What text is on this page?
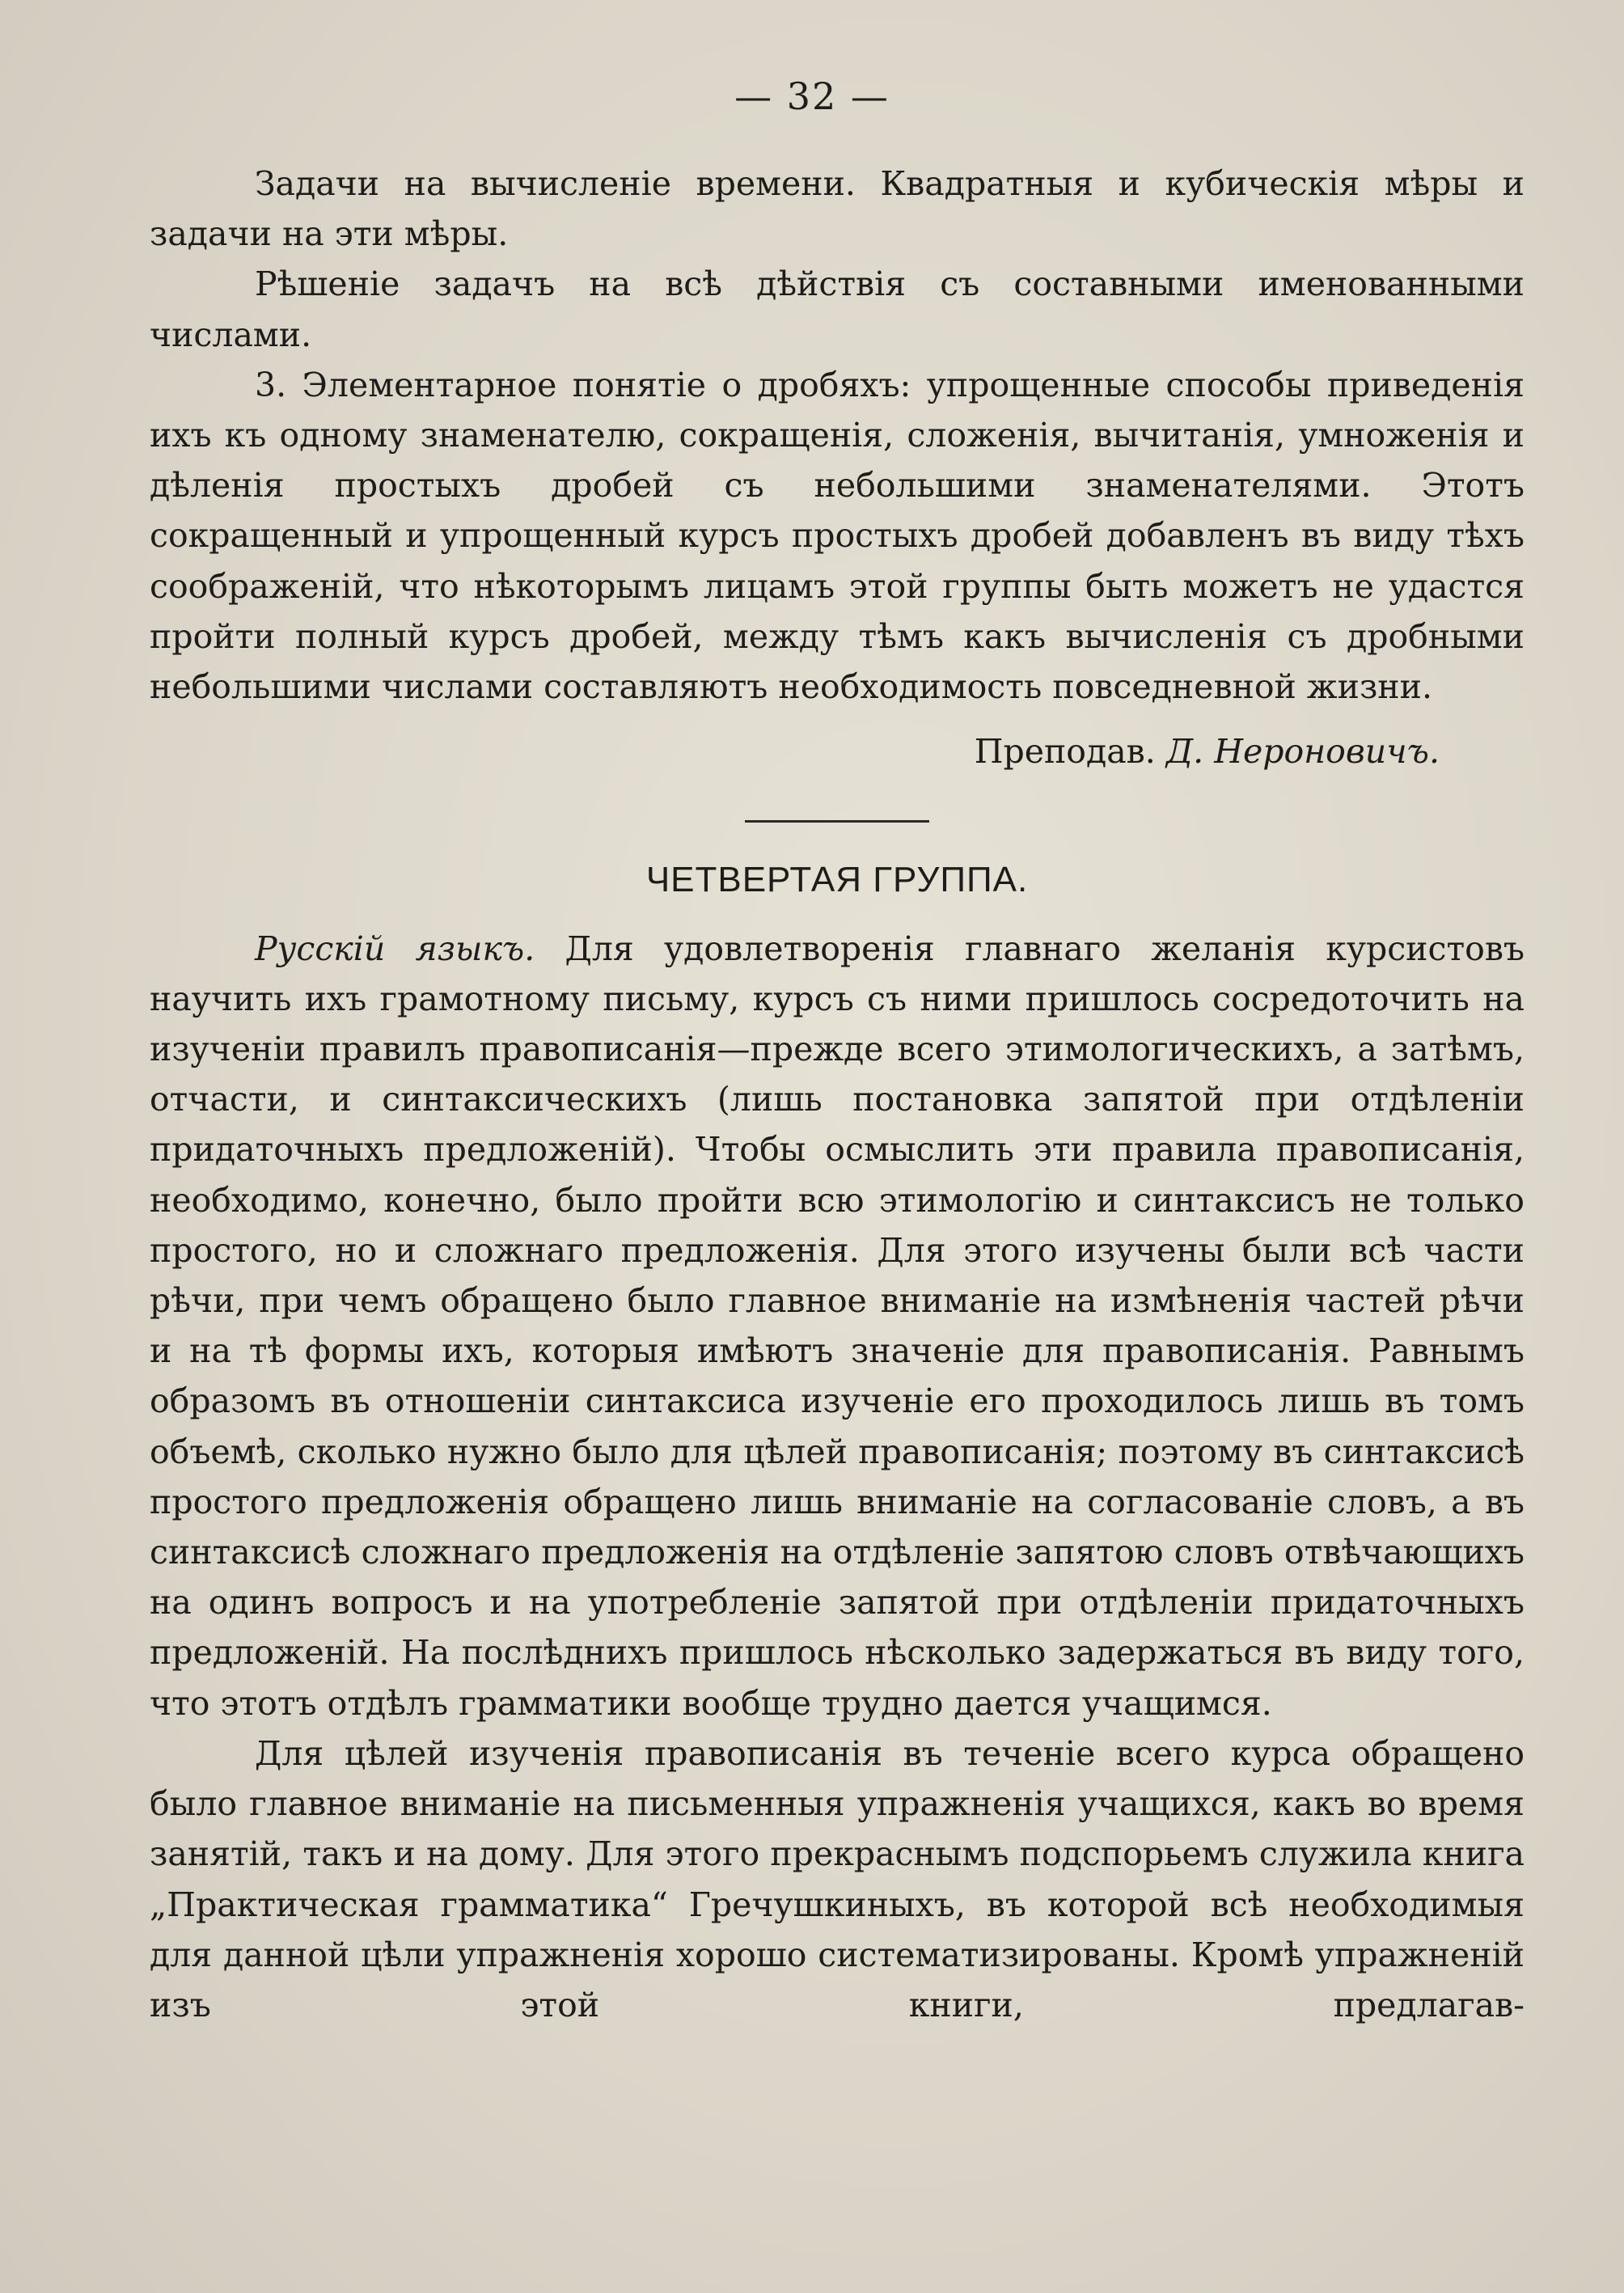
— 32 —

Задачи на вычисленіе времени. Квадратныя и кубическія мѣры и задачи на эти мѣры.

Рѣшеніе задачъ на всѣ дѣйствія съ составными именованными числами.

3. Элементарное понятіе о дробяхъ: упрощенные способы приведенія ихъ къ одному знаменателю, сокращенія, сложенія, вычитанія, умноженія и дѣленія простыхъ дробей съ небольшими знаменателями. Этотъ сокращенный и упрощенный курсъ простыхъ дробей добавленъ въ виду тѣхъ соображеній, что нѣкоторымъ лицамъ этой группы быть можетъ не удастся пройти полный курсъ дробей, между тѣмъ какъ вычисленія съ дробными небольшими числами составляютъ необходимость повседневной жизни.

Преподав. Д. Нероновичъ.
ЧЕТВЕРТАЯ ГРУППА.

Русскій языкъ. Для удовлетворенія главнаго желанія курсистовъ научить ихъ грамотному письму, курсъ съ ними пришлось сосредоточить на изученіи правилъ правописанія—прежде всего этимологическихъ, а затѣмъ, отчасти, и синтаксическихъ (лишь постановка запятой при отдѣленіи придаточныхъ предложеній). Чтобы осмыслить эти правила правописанія, необходимо, конечно, было пройти всю этимологію и синтаксисъ не только простого, но и сложнаго предложенія. Для этого изучены были всѣ части рѣчи, при чемъ обращено было главное вниманіе на измѣненія частей рѣчи и на тѣ формы ихъ, которыя имѣютъ значеніе для правописанія. Равнымъ образомъ въ отношеніи синтаксиса изученіе его проходилось лишь въ томъ объемѣ, сколько нужно было для цѣлей правописанія; поэтому въ синтаксисѣ простого предложенія обращено лишь вниманіе на согласованіе словъ, а въ синтаксисѣ сложнаго предложенія на отдѣленіе запятою словъ отвѣчающихъ на одинъ вопросъ и на употребленіе запятой при отдѣленіи придаточныхъ предложеній. На послѣднихъ пришлось нѣсколько задержаться въ виду того, что этотъ отдѣлъ грамматики вообще трудно дается учащимся.

Для цѣлей изученія правописанія въ теченіе всего курса обращено было главное вниманіе на письменныя упражненія учащихся, какъ во время занятій, такъ и на дому. Для этого прекраснымъ подспорьемъ служила книга „Практическая грамматика“ Гречушкиныхъ, въ которой всѣ необходимыя для данной цѣли упражненія хорошо систематизированы. Кромѣ упражненій изъ этой книги, предлагав-
